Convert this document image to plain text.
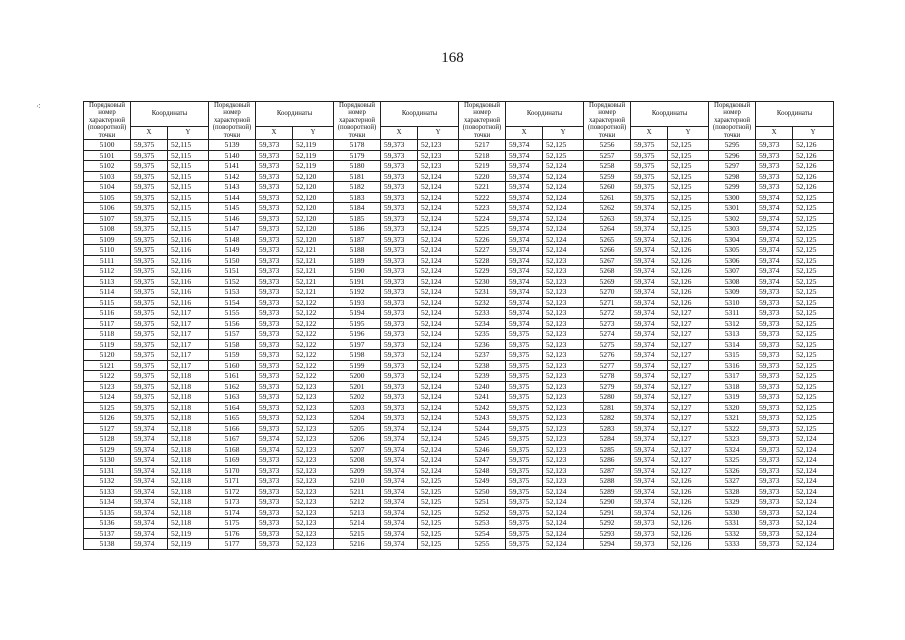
168
⁖	Порядковый номер характерной (поворотной) точки	Координаты		Порядковый номер характерной (поворотной) точки	Координаты		Порядковый номер характерной (поворотной) точки	Координаты		Порядковый номер характерной (поворотной) точки	Координаты		Порядковый номер характерной (поворотной) точки	Координаты		Порядковый номер характерной (поворотной) точки	Координаты	
	X	Y		X	Y		X	Y		X	Y		X	Y		X	Y
5100	59,375	52,115	5139	59,373	52,119	5178	59,373	52,123	5217	59,374	52,125	5256	59,375	52,125	5295	59,373	52,126
5101	59,375	52,115	5140	59,373	52,119	5179	59,373	52,123	5218	59,374	52,125	5257	59,375	52,125	5296	59,373	52,126
5102	59,375	52,115	5141	59,373	52,119	5180	59,373	52,123	5219	59,374	52,124	5258	59,375	52,125	5297	59,373	52,126
5103	59,375	52,115	5142	59,373	52,120	5181	59,373	52,124	5220	59,374	52,124	5259	59,375	52,125	5298	59,373	52,126
5104	59,375	52,115	5143	59,373	52,120	5182	59,373	52,124	5221	59,374	52,124	5260	59,375	52,125	5299	59,373	52,126
5105	59,375	52,115	5144	59,373	52,120	5183	59,373	52,124	5222	59,374	52,124	5261	59,375	52,125	5300	59,374	52,125
5106	59,375	52,115	5145	59,373	52,120	5184	59,373	52,124	5223	59,374	52,124	5262	59,374	52,125	5301	59,374	52,125
5107	59,375	52,115	5146	59,373	52,120	5185	59,373	52,124	5224	59,374	52,124	5263	59,374	52,125	5302	59,374	52,125
5108	59,375	52,115	5147	59,373	52,120	5186	59,373	52,124	5225	59,374	52,124	5264	59,374	52,125	5303	59,374	52,125
5109	59,375	52,116	5148	59,373	52,120	5187	59,373	52,124	5226	59,374	52,124	5265	59,374	52,126	5304	59,374	52,125
5110	59,375	52,116	5149	59,373	52,121	5188	59,373	52,124	5227	59,374	52,124	5266	59,374	52,126	5305	59,374	52,125
5111	59,375	52,116	5150	59,373	52,121	5189	59,373	52,124	5228	59,374	52,123	5267	59,374	52,126	5306	59,374	52,125
5112	59,375	52,116	5151	59,373	52,121	5190	59,373	52,124	5229	59,374	52,123	5268	59,374	52,126	5307	59,374	52,125
5113	59,375	52,116	5152	59,373	52,121	5191	59,373	52,124	5230	59,374	52,123	5269	59,374	52,126	5308	59,374	52,125
5114	59,375	52,116	5153	59,373	52,121	5192	59,373	52,124	5231	59,374	52,123	5270	59,374	52,126	5309	59,373	52,125
5115	59,375	52,116	5154	59,373	52,122	5193	59,373	52,124	5232	59,374	52,123	5271	59,374	52,126	5310	59,373	52,125
5116	59,375	52,117	5155	59,373	52,122	5194	59,373	52,124	5233	59,374	52,123	5272	59,374	52,127	5311	59,373	52,125
5117	59,375	52,117	5156	59,373	52,122	5195	59,373	52,124	5234	59,374	52,123	5273	59,374	52,127	5312	59,373	52,125
5118	59,375	52,117	5157	59,373	52,122	5196	59,373	52,124	5235	59,375	52,123	5274	59,374	52,127	5313	59,373	52,125
5119	59,375	52,117	5158	59,373	52,122	5197	59,373	52,124	5236	59,375	52,123	5275	59,374	52,127	5314	59,373	52,125
5120	59,375	52,117	5159	59,373	52,122	5198	59,373	52,124	5237	59,375	52,123	5276	59,374	52,127	5315	59,373	52,125
5121	59,375	52,117	5160	59,373	52,122	5199	59,373	52,124	5238	59,375	52,123	5277	59,374	52,127	5316	59,373	52,125
5122	59,375	52,118	5161	59,373	52,122	5200	59,373	52,124	5239	59,375	52,123	5278	59,374	52,127	5317	59,373	52,125
5123	59,375	52,118	5162	59,373	52,123	5201	59,373	52,124	5240	59,375	52,123	5279	59,374	52,127	5318	59,373	52,125
5124	59,375	52,118	5163	59,373	52,123	5202	59,373	52,124	5241	59,375	52,123	5280	59,374	52,127	5319	59,373	52,125
5125	59,375	52,118	5164	59,373	52,123	5203	59,373	52,124	5242	59,375	52,123	5281	59,374	52,127	5320	59,373	52,125
5126	59,375	52,118	5165	59,373	52,123	5204	59,373	52,124	5243	59,375	52,123	5282	59,374	52,127	5321	59,373	52,125
5127	59,374	52,118	5166	59,373	52,123	5205	59,374	52,124	5244	59,375	52,123	5283	59,374	52,127	5322	59,373	52,125
5128	59,374	52,118	5167	59,374	52,123	5206	59,374	52,124	5245	59,375	52,123	5284	59,374	52,127	5323	59,373	52,124
5129	59,374	52,118	5168	59,374	52,123	5207	59,374	52,124	5246	59,375	52,123	5285	59,374	52,127	5324	59,373	52,124
5130	59,374	52,118	5169	59,373	52,123	5208	59,374	52,124	5247	59,375	52,123	5286	59,374	52,127	5325	59,373	52,124
5131	59,374	52,118	5170	59,373	52,123	5209	59,374	52,124	5248	59,375	52,123	5287	59,374	52,127	5326	59,373	52,124
5132	59,374	52,118	5171	59,373	52,123	5210	59,374	52,125	5249	59,375	52,123	5288	59,374	52,126	5327	59,373	52,124
5133	59,374	52,118	5172	59,373	52,123	5211	59,374	52,125	5250	59,375	52,124	5289	59,374	52,126	5328	59,373	52,124
5134	59,374	52,118	5173	59,373	52,123	5212	59,374	52,125	5251	59,375	52,124	5290	59,374	52,126	5329	59,373	52,124
5135	59,374	52,118	5174	59,373	52,123	5213	59,374	52,125	5252	59,375	52,124	5291	59,374	52,126	5330	59,373	52,124
5136	59,374	52,118	5175	59,373	52,123	5214	59,374	52,125	5253	59,375	52,124	5292	59,373	52,126	5331	59,373	52,124
5137	59,374	52,119	5176	59,373	52,123	5215	59,374	52,125	5254	59,375	52,124	5293	59,373	52,126	5332	59,373	52,124
5138	59,374	52,119	5177	59,373	52,123	5216	59,374	52,125	5255	59,375	52,124	5294	59,373	52,126	5333	59,373	52,124
